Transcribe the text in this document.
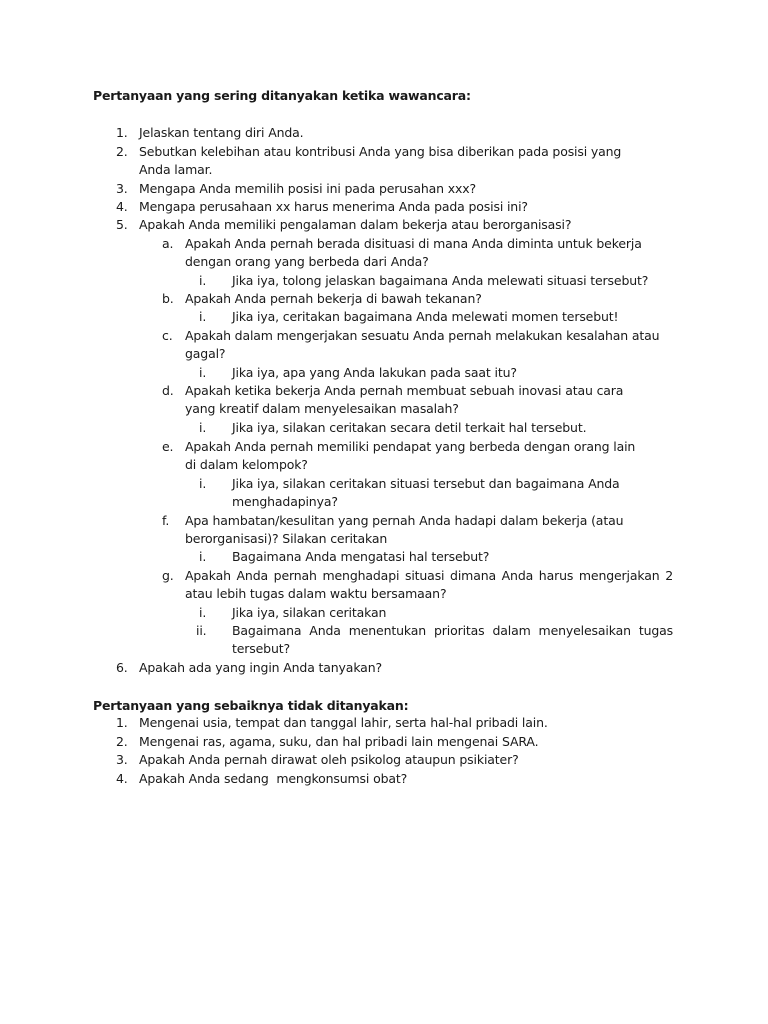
Pertanyaan yang sering ditanyakan ketika wawancara:
1. Jelaskan tentang diri Anda.
2. Sebutkan kelebihan atau kontribusi Anda yang bisa diberikan pada posisi yang Anda lamar.
3. Mengapa Anda memilih posisi ini pada perusahan xxx?
4. Mengapa perusahaan xx harus menerima Anda pada posisi ini?
5. Apakah Anda memiliki pengalaman dalam bekerja atau berorganisasi?
a. Apakah Anda pernah berada disituasi di mana Anda diminta untuk bekerja dengan orang yang berbeda dari Anda?
i. Jika iya, tolong jelaskan bagaimana Anda melewati situasi tersebut?
b. Apakah Anda pernah bekerja di bawah tekanan?
i. Jika iya, ceritakan bagaimana Anda melewati momen tersebut!
c. Apakah dalam mengerjakan sesuatu Anda pernah melakukan kesalahan atau gagal?
i. Jika iya, apa yang Anda lakukan pada saat itu?
d. Apakah ketika bekerja Anda pernah membuat sebuah inovasi atau cara yang kreatif dalam menyelesaikan masalah?
i. Jika iya, silakan ceritakan secara detil terkait hal tersebut.
e. Apakah Anda pernah memiliki pendapat yang berbeda dengan orang lain di dalam kelompok?
i. Jika iya, silakan ceritakan situasi tersebut dan bagaimana Anda menghadapinya?
f. Apa hambatan/kesulitan yang pernah Anda hadapi dalam bekerja (atau berorganisasi)? Silakan ceritakan
i. Bagaimana Anda mengatasi hal tersebut?
g. Apakah Anda pernah menghadapi situasi dimana Anda harus mengerjakan 2 atau lebih tugas dalam waktu bersamaan?
i. Jika iya, silakan ceritakan
ii. Bagaimana Anda menentukan prioritas dalam menyelesaikan tugas tersebut?
6. Apakah ada yang ingin Anda tanyakan?
Pertanyaan yang sebaiknya tidak ditanyakan:
1. Mengenai usia, tempat dan tanggal lahir, serta hal-hal pribadi lain.
2. Mengenai ras, agama, suku, dan hal pribadi lain mengenai SARA.
3. Apakah Anda pernah dirawat oleh psikolog ataupun psikiater?
4. Apakah Anda sedang  mengkonsumsi obat?
